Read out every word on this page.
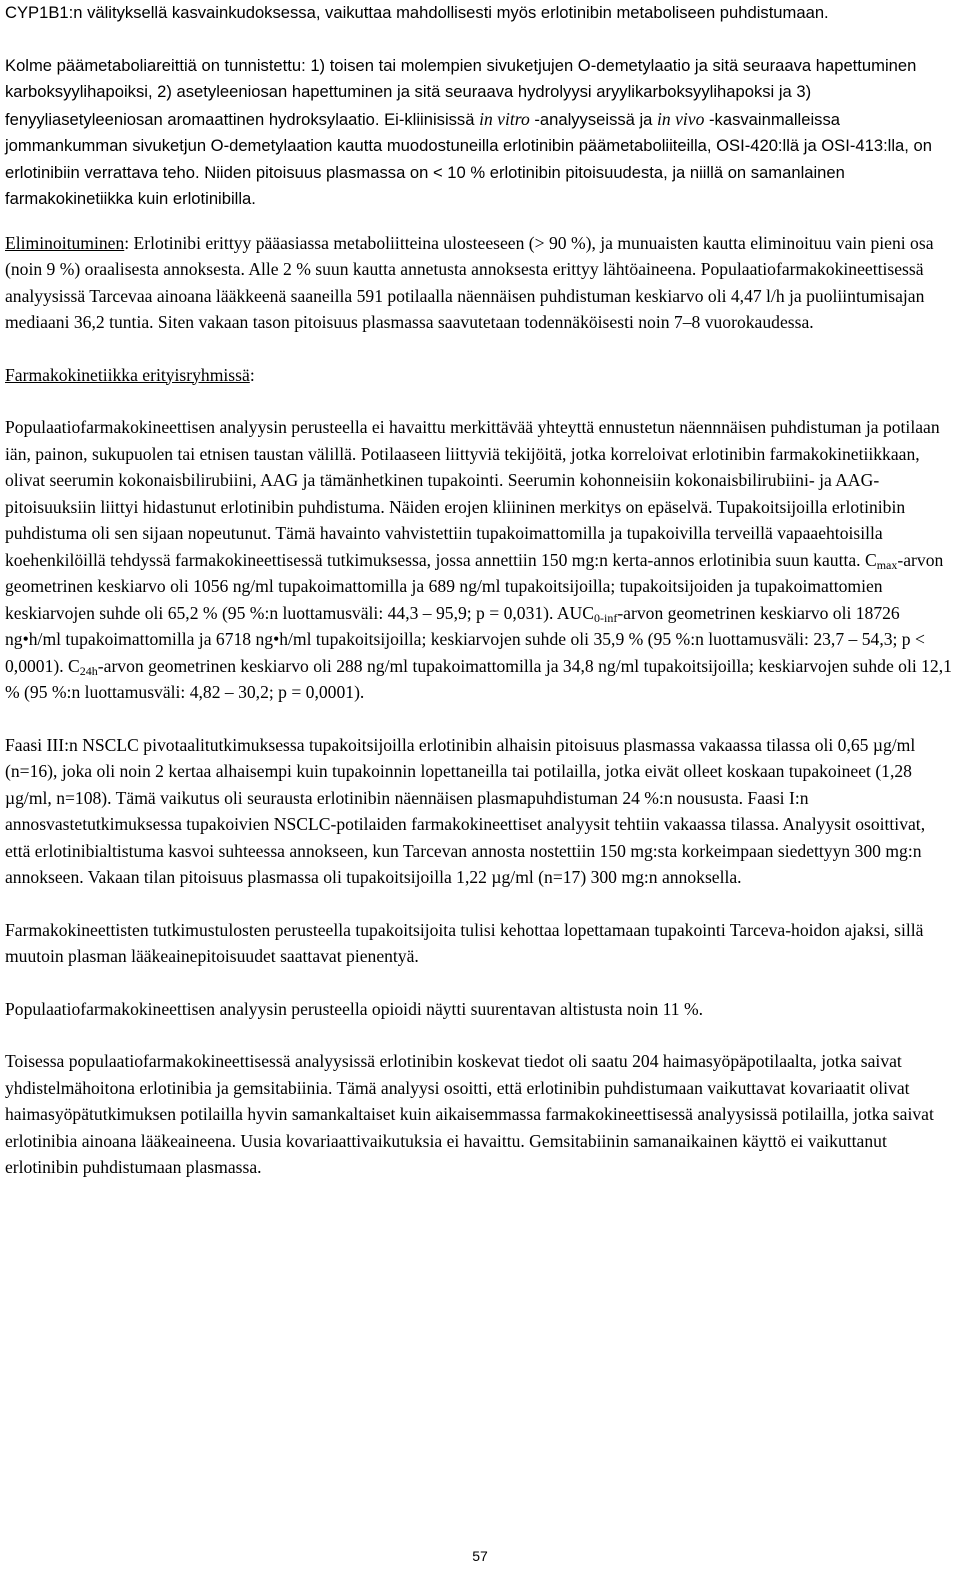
CYP1B1:n välityksellä kasvainkudoksessa, vaikuttaa mahdollisesti myös erlotinibin metaboliseen puhdistumaan.

Kolme päämetaboliareittiä on tunnistettu: 1) toisen tai molempien sivuketjujen O-demetylaatio ja sitä seuraava hapettuminen karboksyylihapoiksi, 2) asetyleeniosan hapettuminen ja sitä seuraava hydrolyysi aryylikarboksyylihapoksi ja 3) fenyyliasetyleeniosan aromaattinen hydroksylaatio. Ei-kliinisissä in vitro -analyyseissä ja in vivo -kasvainmalleissa jommankumman sivuketjun O-demetylaation kautta muodostuneilla erlotinibin päämetaboliiteilla, OSI-420:llä ja OSI-413:lla, on erlotinibiin verrattava teho. Niiden pitoisuus plasmassa on < 10 % erlotinibin pitoisuudesta, ja niillä on samanlainen farmakokinetiikka kuin erlotinibilla.

Eliminoituminen: Erlotinibi erittyy pääasiassa metaboliitteina ulosteeseen (> 90 %), ja munuaisten kautta eliminoituu vain pieni osa (noin 9 %) oraalisesta annoksesta. Alle 2 % suun kautta annetusta annoksesta erittyy lähtöaineena. Populaatiofarmakokineettisessä analyysissä Tarcevaa ainoana lääkkeenä saaneilla 591 potilaalla näennäisen puhdistuman keskiarvo oli 4,47 l/h ja puoliintumisajan mediaani 36,2 tuntia. Siten vakaan tason pitoisuus plasmassa saavutetaan todennäköisesti noin 7–8 vuorokaudessa.

Farmakokinetiikka erityisryhmissä:

Populaatiofarmakokineettisen analyysin perusteella ei havaittu merkittävää yhteyttä ennustetun näennnäisen puhdistuman ja potilaan iän, painon, sukupuolen tai etnisen taustan välillä. Potilaaseen liittyviä tekijöitä, jotka korreloivat erlotinibin farmakokinetiikkaan, olivat seerumin kokonaisbilirubiini, AAG ja tämänhetkinen tupakointi. Seerumin kohonneisiin kokonaisbilirubiini- ja AAG-pitoisuuksiin liittyi hidastunut erlotinibin puhdistuma. Näiden erojen kliininen merkitys on epäselvä. Tupakoitsijoilla erlotinibin puhdistuma oli sen sijaan nopeutunut. Tämä havainto vahvistettiin tupakoimattomilla ja tupakoivilla terveillä vapaaehtoisilla koehenkilöillä tehdyssä farmakokineettisessä tutkimuksessa, jossa annettiin 150 mg:n kerta-annos erlotinibia suun kautta. $C_{max}$-arvon geometrinen keskiarvo oli 1056 ng/ml tupakoimattomilla ja 689 ng/ml tupakoitsijoilla; tupakoitsijoiden ja tupakoimattomien keskiarvojen suhde oli 65,2 % (95 %:n luottamusväli: 44,3 – 95,9; p = 0,031). $AUC_{0-inf}$-arvon geometrinen keskiarvo oli 18726 ng•h/ml tupakoimattomilla ja 6718 ng•h/ml tupakoitsijoilla; keskiarvojen suhde oli 35,9 % (95 %:n luottamusväli: 23,7 – 54,3; p < 0,0001). $C_{24h}$-arvon geometrinen keskiarvo oli 288 ng/ml tupakoimattomilla ja 34,8 ng/ml tupakoitsijoilla; keskiarvojen suhde oli 12,1 % (95 %:n luottamusväli: 4,82 – 30,2; p = 0,0001).

Faasi III:n NSCLC pivotaalitutkimuksessa tupakoitsijoilla erlotinibin alhaisin pitoisuus plasmassa vakaassa tilassa oli 0,65 µg/ml (n=16), joka oli noin 2 kertaa alhaisempi kuin tupakoinnin lopettaneilla tai potilailla, jotka eivät olleet koskaan tupakoineet (1,28 µg/ml, n=108). Tämä vaikutus oli seurausta erlotinibin näennäisen plasmapuhdistuman 24 %:n noususta. Faasi I:n annosvastetutkimuksessa tupakoivien NSCLC-potilaiden farmakokineettiset analyysit tehtiin vakaassa tilassa. Analyysit osoittivat, että erlotinibialtistuma kasvoi suhteessa annokseen, kun Tarcevan annosta nostettiin 150 mg:sta korkeimpaan siedettyyn 300 mg:n annokseen. Vakaan tilan pitoisuus plasmassa oli tupakoitsijoilla 1,22 µg/ml (n=17) 300 mg:n annoksella.

Farmakokineettisten tutkimustulosten perusteella tupakoitsijoita tulisi kehottaa lopettamaan tupakointi Tarceva-hoidon ajaksi, sillä muutoin plasman lääkeainepitoisuudet saattavat pienentyä.

Populaatiofarmakokineettisen analyysin perusteella opioidi näytti suurentavan altistusta noin 11 %.

Toisessa populaatiofarmakokineettisessä analyysissä erlotinibin koskevat tiedot oli saatu 204 haimasyöpäpotilaalta, jotka saivat yhdistelmähoitona erlotinibia ja gemsitabiinia. Tämä analyysi osoitti, että erlotinibin puhdistumaan vaikuttavat kovariaatit olivat haimasyöpätutkimuksen potilailla hyvin samankaltaiset kuin aikaisemmassa farmakokineettisessä analyysissä potilailla, jotka saivat erlotinibia ainoana lääkeaineena. Uusia kovariaattivaikutuksia ei havaittu. Gemsitabiinin samanaikainen käyttö ei vaikuttanut erlotinibin puhdistumaan plasmassa.

57
